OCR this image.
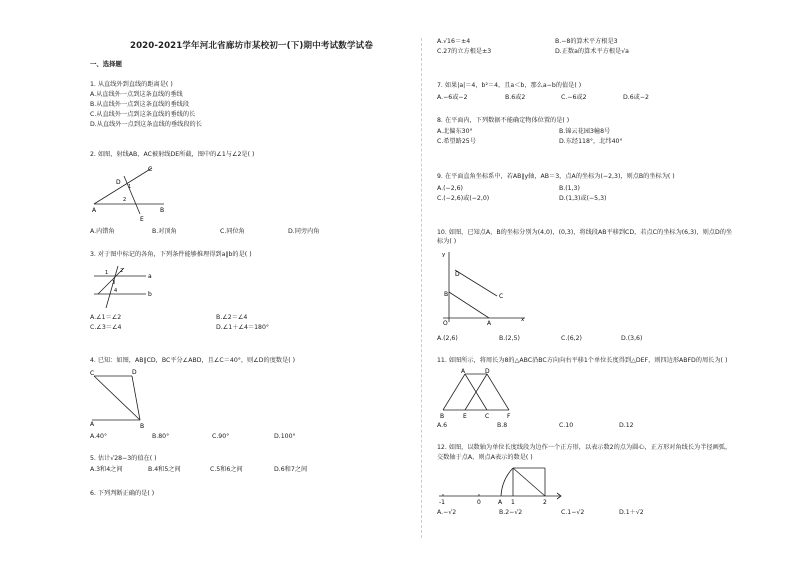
2020-2021学年河北省廊坊市某校初一(下)期中考试数学试卷
一、选择题
1. 从直线外到直线的距离是( )
A.从直线外一点到这条直线的垂线
B.从直线外一点到这条直线的垂线段
C.从直线外一点到这条直线的垂线的长
D.从直线外一点到这条直线的垂线段的长
2. 如图，射线AB，AC被射线DE所截，图中的∠1与∠2是( )
C
D
1
2
A	B
E
A.内错角	B.对顶角	C.同位角	D.同旁内角
3. 对于图中标记的各角，下列条件能够推理得到a∥b的是( )
1 2
3
4
a
b
A.∠1＝∠2	B.∠2＝∠4
C.∠3＝∠4	D.∠1＋∠4＝180°
4. 已知：如图，AB∥CD，BC平分∠ABD，且∠C＝40°，则∠D的度数是( )
C	D
A	B
A.40°	B.80°	C.90°	D.100°
5. 估计√28−3的值在( )
A.3和4之间	B.4和5之间	C.5和6之间	D.6和7之间
6. 下列判断正确的是( )
A.√16＝±4	B.−8的算术平方根是3
C.27的立方根是±3	D.正数a的算术平方根是√a
7. 如果|a|＝4，b²＝4，且a＜b，那么a−b的值是( )
A.−6或−2	B.6或2	C.−6或2	D.6或−2
8. 在平面内，下列数据不能确定物体位置的是( )
A.北偏东30°	B.锦云花园3幢8号
C.希望路25号	D.东经118°，北纬40°
9. 在平面直角坐标系中，若AB∥y轴，AB＝3，点A的坐标为(−2,3)，则点B的坐标为( )
A.(−2,6)	B.(1,3)
C.(−2,6)或(−2,0)	D.(1,3)或(−5,3)
10. 如图，已知点A，B的坐标分别为(4,0)，(0,3)，将线段AB平移到CD，若点C的坐标为(6,3)，则点D的坐
标为( )
y
D
C
B
O	A	x
A.(2,6)	B.(2,5)	C.(6,2)	D.(3,6)
11. 如图所示，将周长为8的△ABC沿BC方向向右平移1个单位长度得到△DEF，则四边形ABFD的周长为( )
A	D
B	E	C	F
A.6	B.8	C.10	D.12
12. 如图，以数轴为单位长度线段为边作一个正方形，以表示数2的点为圆心，正方形对角线长为半径画弧，
交数轴于点A，则点A表示的数是( )
-1	0	A 1	2
A.−√2	B.2−√2	C.1−√2	D.1＋√2
